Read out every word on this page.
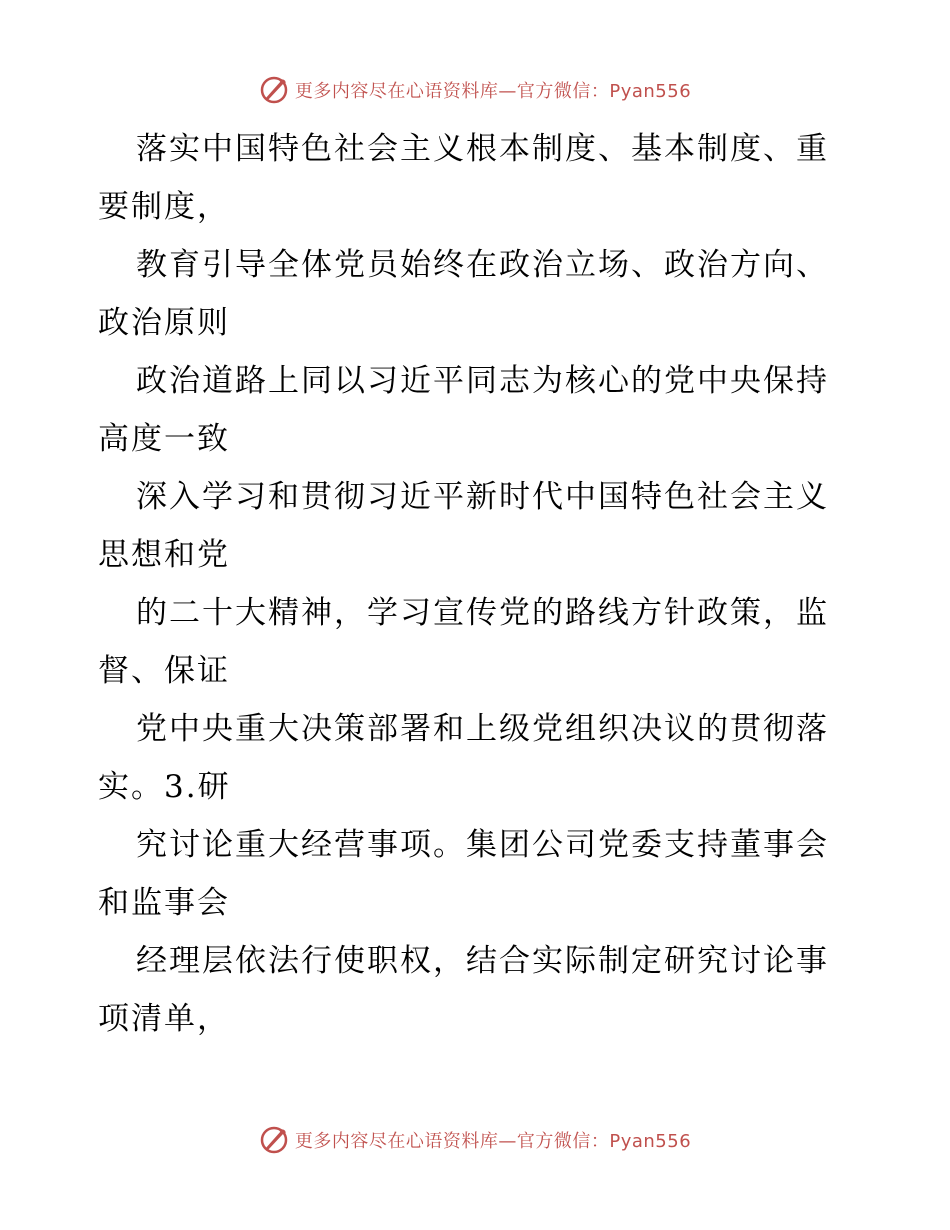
更多内容尽在心语资料库—官方微信：Pyan556

落实中国特色社会主义根本制度、基本制度、重要制度，

教育引导全体党员始终在政治立场、政治方向、政治原则

政治道路上同以习近平同志为核心的党中央保持高度一致

深入学习和贯彻习近平新时代中国特色社会主义思想和党

的二十大精神，学习宣传党的路线方针政策，监督、保证

党中央重大决策部署和上级党组织决议的贯彻落实。3.研

究讨论重大经营事项。集团公司党委支持董事会和监事会

经理层依法行使职权，结合实际制定研究讨论事项清单，

更多内容尽在心语资料库—官方微信：Pyan556
